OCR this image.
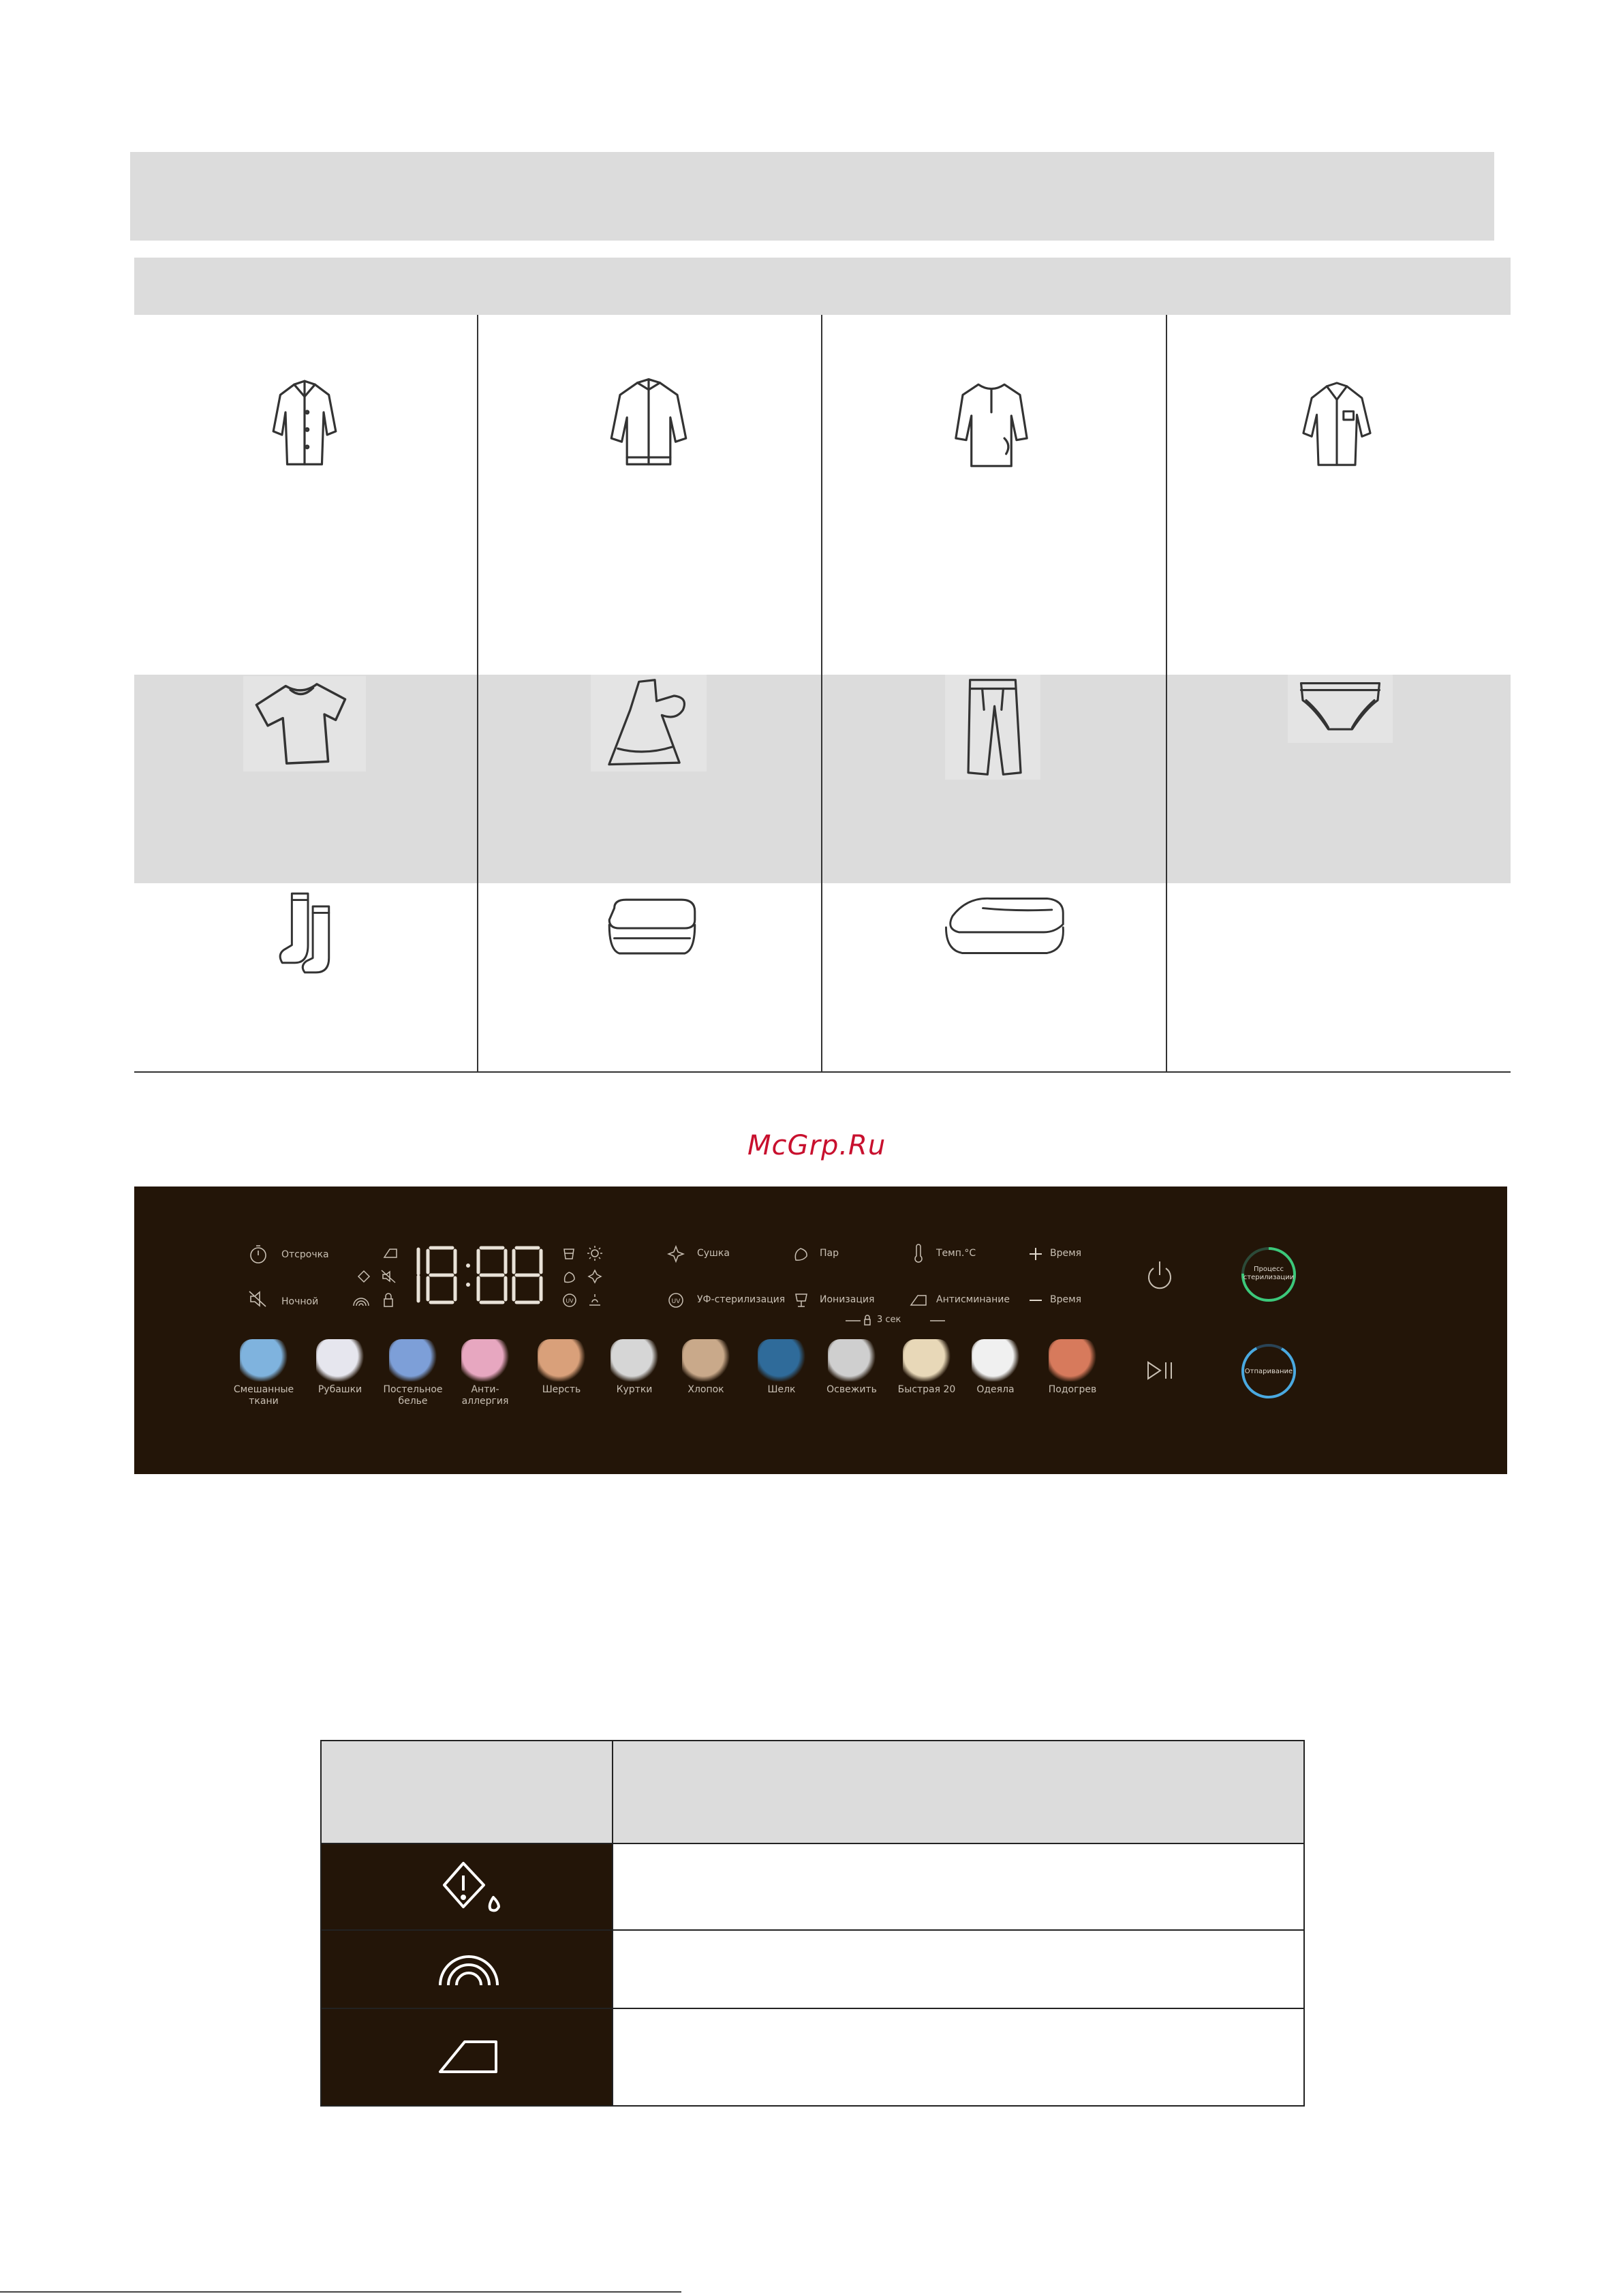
McGrp.Ru
Отсрочка
Ночной	UV
Сушка	Пар	Темп.°C	Время
UV УФ-стерилизация	Ионизация	Антисминание	Время
3 сек
Смешанные ткани
Рубашки	Постельное белье
Анти-аллергия
Шерсть	Куртки	Хлопок	Шелк	Освежить	Быстрая 20	Одеяла	Подогрев
Процесс стерилизации
Отпаривание
